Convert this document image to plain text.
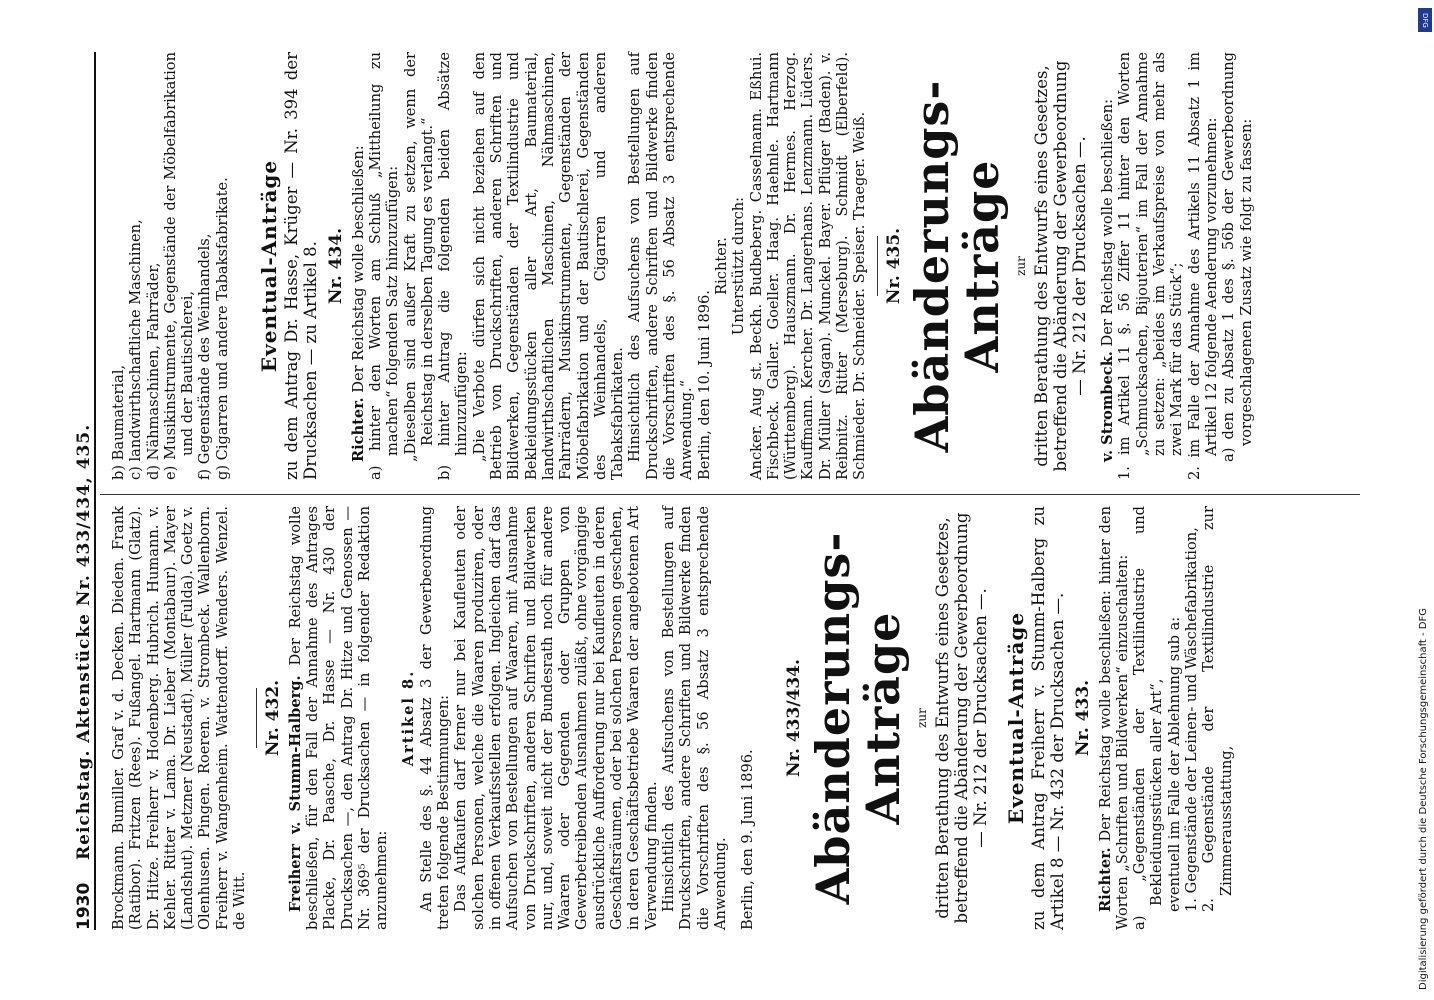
1930
Reichstag. Aktenstücke Nr. 433/434, 435. Brockmann. Bumiller. Graf v. d. Decken. Dieden. Frank (Ratibor). Fritzen (Rees). Fußangel. Hartmann (Glatz). Dr. Hitze. Freiherr v. Hodenberg. Hubrich. Humann. v. Kehler. Ritter v. Lama. Dr. Lieber (Montabaur). Mayer (Landshut). Metzner (Neustadt). Müller (Fulda). Goetz v. Olenhusen. Pingen. Roeren. v. Strombeck. Wallenborn. Freiherr v. Wangenheim. Wattendorff. Wenders. Wenzel. de Witt.

Nr. 432. Freiherr v. Stumm-Halberg. Der Reichstag wolle beschließen, für den Fall der Annahme des Antrages Placke, Dr. Paasche, Dr. Hasse — Nr. 430 der Drucksachen —, den Antrag Dr. Hitze und Genossen — Nr. 369⁵ der Drucksachen — in folgender Redaktion anzunehmen:

Artikel 8. An Stelle des §. 44 Absatz 3 der Gewerbeordnung treten folgende Bestimmungen: Das Aufkaufen darf ferner nur bei Kaufleuten oder solchen Personen, welche die Waaren produziren, oder in offenen Verkaufsstellen erfolgen. Ingleichen darf das Aufsuchen von Bestellungen auf Waaren, mit Ausnahme von Druckschriften, anderen Schriften und Bildwerken nur, und, soweit nicht der Bundesrath noch für andere Waaren oder Gegenden oder Gruppen von Gewerbetreibenden Ausnahmen zuläßt, ohne vorgängige ausdrückliche Aufforderung nur bei Kaufleuten in deren Geschäftsräumen, oder bei solchen Personen geschehen, in deren Geschäftsbetriebe Waaren der angebotenen Art Verwendung finden. Hinsichtlich des Aufsuchens von Bestellungen auf Druckschriften, andere Schriften und Bildwerke finden die Vorschriften des §. 56 Absatz 3 entsprechende Anwendung. Berlin, den 9. Juni 1896.

Nr. 433/434. Abänderungs-Anträge zur dritten Berathung des Entwurfs eines Gesetzes, betreffend die Abänderung der Gewerbeordnung — Nr. 212 der Drucksachen —. Eventual-Anträge zu dem Antrag Freiherr v. Stumm-Halberg zu Artikel 8 — Nr. 432 der Drucksachen —. Nr. 433.

Richter. Der Reichstag wolle beschließen: hinter den Worten „Schriften und Bildwerken“ einzuschalten: a) „Gegenständen der Textilindustrie und Bekleidungsstücken aller Art“, eventuell im Falle der Ablehnung sub a: 1. Gegenstände der Leinen- und Wäschefabrikation, 2. Gegenstände der Textilindustrie zur Zimmerausstattung,

b) Baumaterial, c) landwirthschaftliche Maschinen, d) Nähmaschinen, Fahrräder, e) Musikinstrumente, Gegenstände der Möbelfabrikation und der Bautischlerei, f) Gegenstände des Weinhandels, g) Cigarren und andere Tabaksfabrikate. Eventual-Anträge zu dem Antrag Dr. Hasse, Krüger — Nr. 394 der Drucksachen — zu Artikel 8. Nr. 434.

Richter. Der Reichstag wolle beschließen: a) hinter den Worten am Schluß „Mittheilung zu machen“ folgenden Satz hinzuzufügen: „Dieselben sind außer Kraft zu setzen, wenn der Reichstag in derselben Tagung es verlangt.“ b) hinter Antrag die folgenden beiden Absätze hinzuzufügen: „Die Verbote dürfen sich nicht beziehen auf den Betrieb von Druckschriften, anderen Schriften und Bildwerken, Gegenständen der Textilindustrie und Bekleidungsstücken aller Art, Baumaterial, landwirthschaftlichen Maschinen, Nähmaschinen, Fahrrädern, Musikinstrumenten, Gegenständen der Möbelfabrikation und der Bautischlerei, Gegenständen des Weinhandels, Cigarren und anderen Tabaksfabrikaten. Hinsichtlich des Aufsuchens von Bestellungen auf Druckschriften, andere Schriften und Bildwerke finden die Vorschriften des §. 56 Absatz 3 entsprechende Anwendung.“ Berlin, den 10. Juni 1896.

Richter. Unterstützt durch: Ancker. Aug st. Beckh. Budbeberg. Casselmann. Eßhui. Fischbeck. Galler. Goeller. Haag. Haehnle. Hartmann (Württemberg). Hauszmann. Dr. Hermes. Herzog. Kauffmann. Kercher. Dr. Langerhans. Lenzmann. Lüders. Dr. Müller (Sagan). Munckel. Bayer. Pflüger (Baden). v. Reibnitz. Ritter (Merseburg). Schmidt (Elberfeld). Schmieder. Dr. Schneider. Speiser. Traeger. Weiß. Nr. 435. Abänderungs-Anträge zur dritten Berathung des Entwurfs eines Gesetzes, betreffend die Abänderung der Gewerbeordnung — Nr. 212 der Drucksachen —.

v. Strombeck. Der Reichstag wolle beschließen: 1. im Artikel 11 §. 56 Ziffer 11 hinter den Worten „Schmucksachen, Bijouterien“ im Fall der Annahme zu setzen: „beides im Verkaufspreise von mehr als zwei Mark für das Stück“; 2. im Falle der Annahme des Artikels 11 Absatz 1 im Artikel 12 folgende Aenderung vorzunehmen: a) den zu Absatz 1 des §. 56b der Gewerbeordnung vorgeschlagenen Zusatz wie folgt zu fassen:

DFG
Digitalisierung gefördert durch die Deutsche Forschungsgemeinschaft - DFG
